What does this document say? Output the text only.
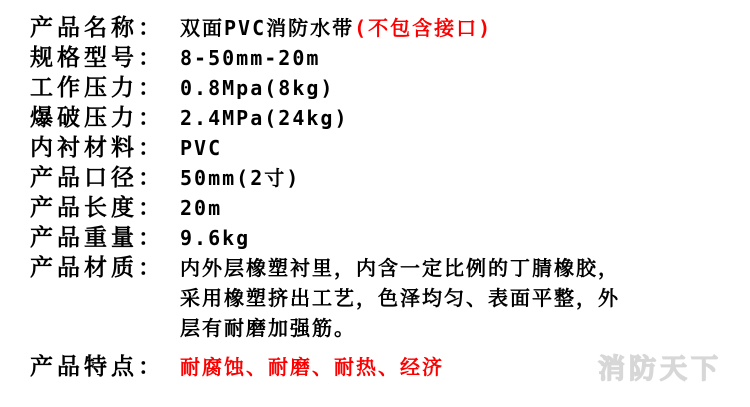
产品名称： 双面PVC消防水带(不包含接口)
规格型号： 8-50mm-20m
工作压力： 0.8Mpa(8kg)
爆破压力： 2.4MPa(24kg)
内衬材料： PVC
产品口径： 50mm(2寸)
产品长度： 20m
产品重量： 9.6kg
产品材质： 内外层橡塑衬里，内含一定比例的丁腈橡胶，
采用橡塑挤出工艺，色泽均匀、表面平整，外
层有耐磨加强筋。
产品特点： 耐腐蚀、耐磨、耐热、经济	消防天下
